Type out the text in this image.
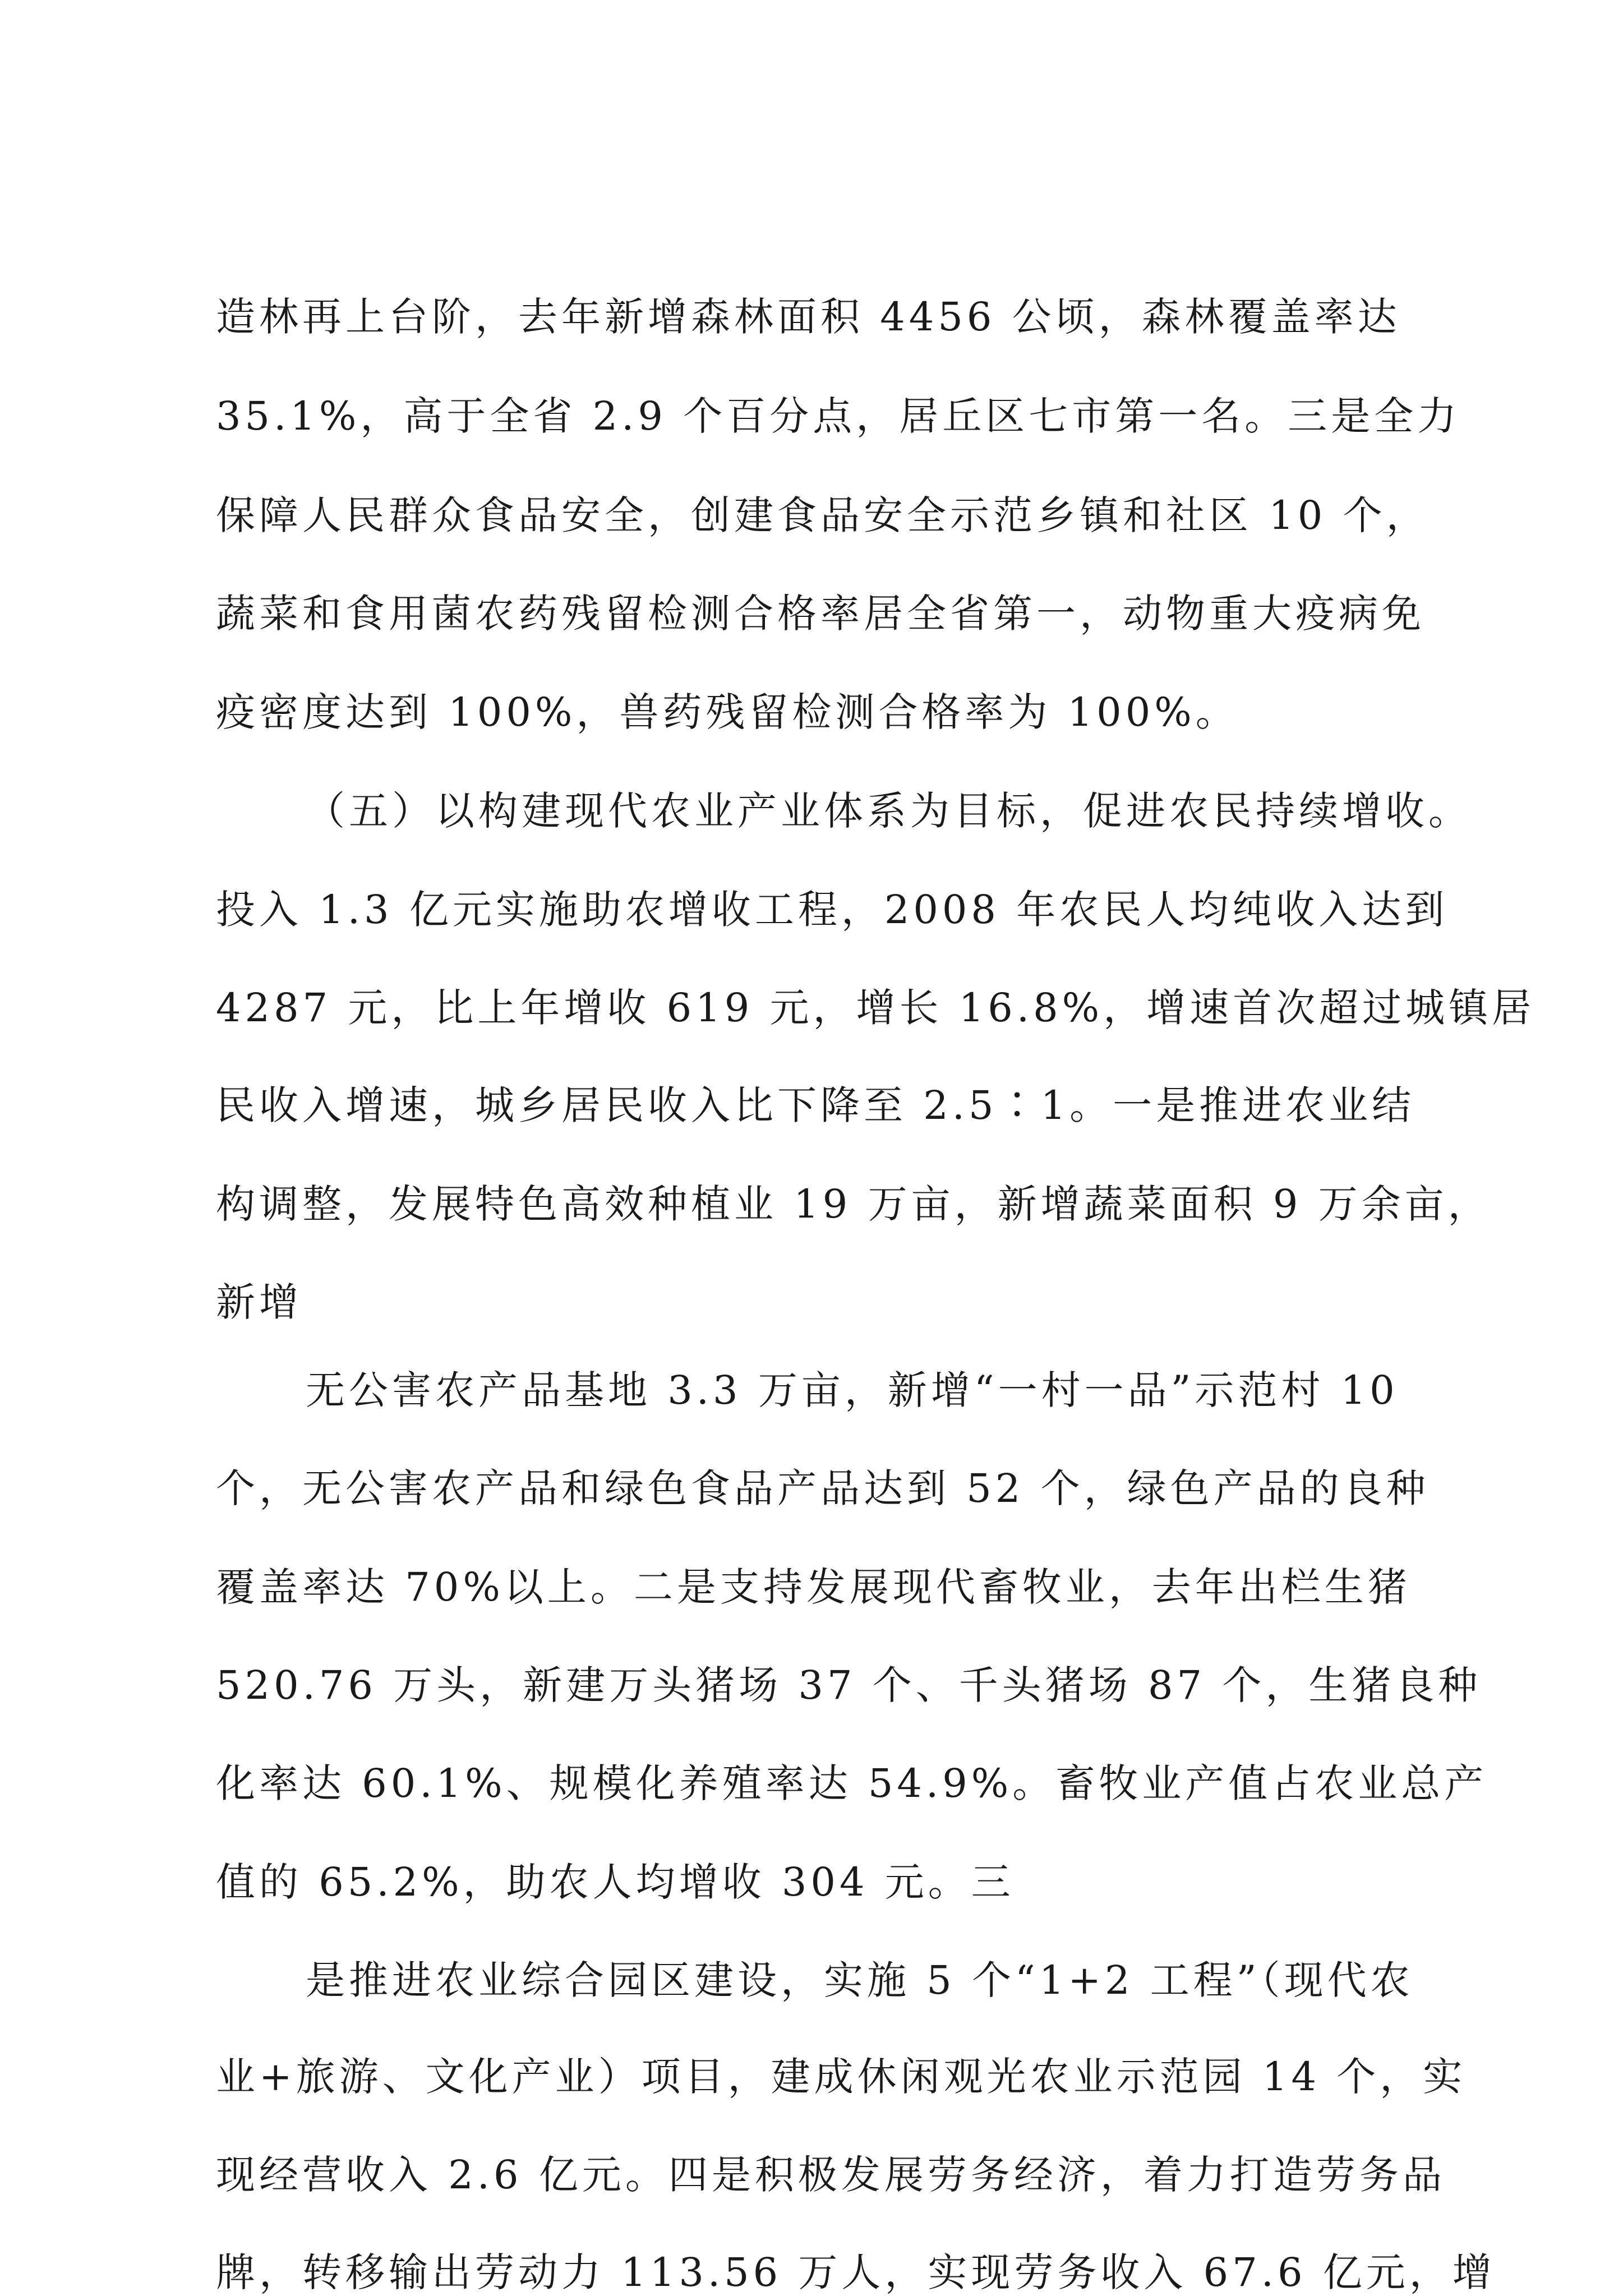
造林再上台阶，去年新增森林面积 4456 公顷，森林覆盖率达
35.1%，高于全省 2.9 个百分点，居丘区七市第一名。三是全力
保障人民群众食品安全，创建食品安全示范乡镇和社区 10 个，
蔬菜和食用菌农药残留检测合格率居全省第一，动物重大疫病免
疫密度达到 100%，兽药残留检测合格率为 100%。
（五）以构建现代农业产业体系为目标，促进农民持续增收。
投入 1.3 亿元实施助农增收工程，2008 年农民人均纯收入达到
4287 元，比上年增收 619 元，增长 16.8%，增速首次超过城镇居
民收入增速，城乡居民收入比下降至 2.5∶1。一是推进农业结
构调整，发展特色高效种植业 19 万亩，新增蔬菜面积 9 万余亩，
新增
无公害农产品基地 3.3 万亩，新增“一村一品”示范村 10
个，无公害农产品和绿色食品产品达到 52 个，绿色产品的良种
覆盖率达 70%以上。二是支持发展现代畜牧业，去年出栏生猪
520.76 万头，新建万头猪场 37 个、千头猪场 87 个，生猪良种
化率达 60.1%、规模化养殖率达 54.9%。畜牧业产值占农业总产
值的 65.2%，助农人均增收 304 元。三
是推进农业综合园区建设，实施 5 个“1+2 工程”（现代农
业+旅游、文化产业）项目，建成休闲观光农业示范园 14 个，实
现经营收入 2.6 亿元。四是积极发展劳务经济，着力打造劳务品
牌，转移输出劳动力 113.56 万人，实现劳务收入 67.6 亿元，增
